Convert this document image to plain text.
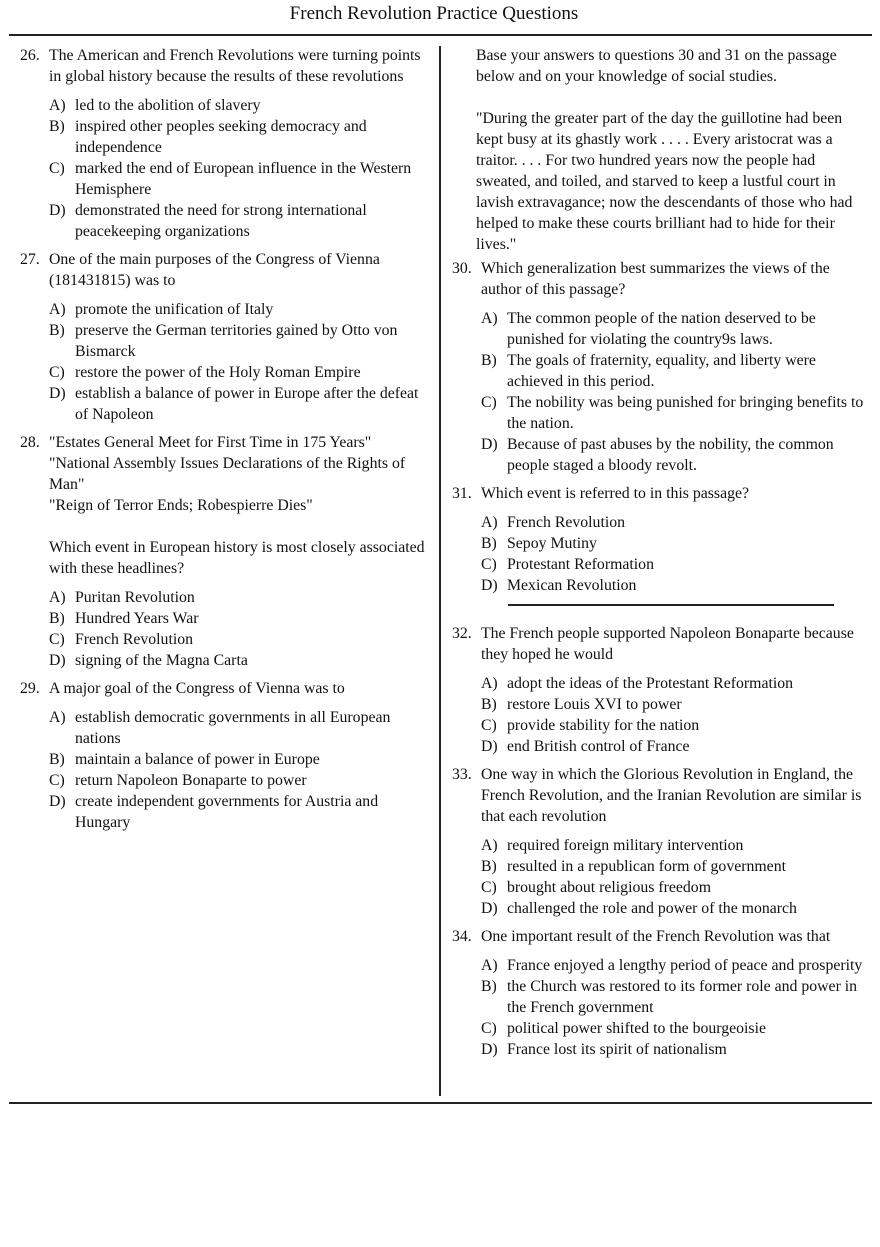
French Revolution Practice Questions
26. The American and French Revolutions were turning points in global history because the results of these revolutions
A) led to the abolition of slavery
B) inspired other peoples seeking democracy and independence
C) marked the end of European influence in the Western Hemisphere
D) demonstrated the need for strong international peacekeeping organizations
27. One of the main purposes of the Congress of Vienna (181431815) was to
A) promote the unification of Italy
B) preserve the German territories gained by Otto von Bismarck
C) restore the power of the Holy Roman Empire
D) establish a balance of power in Europe after the defeat of Napoleon
28. "Estates General Meet for First Time in 175 Years"
"National Assembly Issues Declarations of the Rights of Man"
"Reign of Terror Ends; Robespierre Dies"
Which event in European history is most closely associated with these headlines?
A) Puritan Revolution
B) Hundred Years War
C) French Revolution
D) signing of the Magna Carta
29. A major goal of the Congress of Vienna was to
A) establish democratic governments in all European nations
B) maintain a balance of power in Europe
C) return Napoleon Bonaparte to power
D) create independent governments for Austria and Hungary
Base your answers to questions 30 and 31 on the passage below and on your knowledge of social studies.
"During the greater part of the day the guillotine had been kept busy at its ghastly work . . . . Every aristocrat was a traitor. . . . For two hundred years now the people had sweated, and toiled, and starved to keep a lustful court in lavish extravagance; now the descendants of those who had helped to make these courts brilliant had to hide for their lives."
30. Which generalization best summarizes the views of the author of this passage?
A) The common people of the nation deserved to be punished for violating the country9s laws.
B) The goals of fraternity, equality, and liberty were achieved in this period.
C) The nobility was being punished for bringing benefits to the nation.
D) Because of past abuses by the nobility, the common people staged a bloody revolt.
31. Which event is referred to in this passage?
A) French Revolution
B) Sepoy Mutiny
C) Protestant Reformation
D) Mexican Revolution
32. The French people supported Napoleon Bonaparte because they hoped he would
A) adopt the ideas of the Protestant Reformation
B) restore Louis XVI to power
C) provide stability for the nation
D) end British control of France
33. One way in which the Glorious Revolution in England, the French Revolution, and the Iranian Revolution are similar is that each revolution
A) required foreign military intervention
B) resulted in a republican form of government
C) brought about religious freedom
D) challenged the role and power of the monarch
34. One important result of the French Revolution was that
A) France enjoyed a lengthy period of peace and prosperity
B) the Church was restored to its former role and power in the French government
C) political power shifted to the bourgeoisie
D) France lost its spirit of nationalism
